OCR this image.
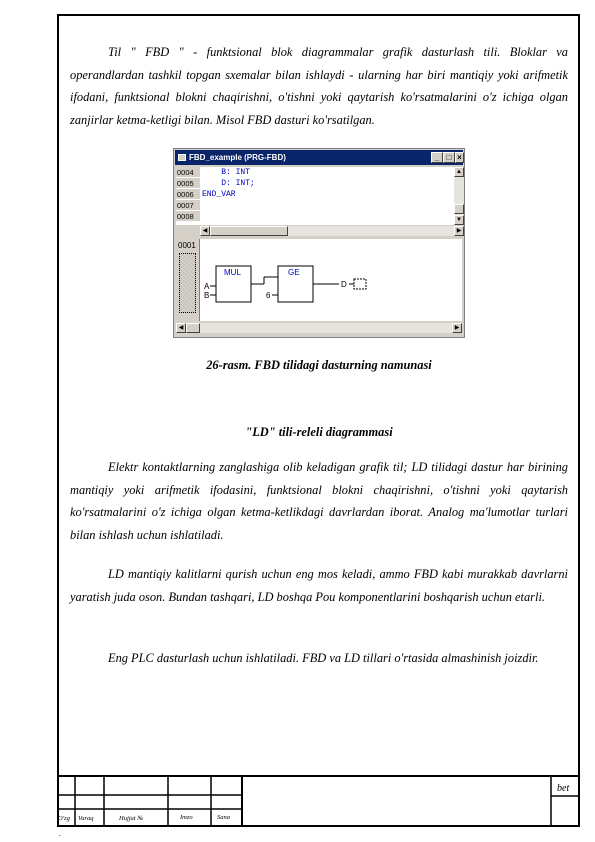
Til " FBD " - funktsional blok diagrammalar grafik dasturlash tili. Bloklar va operandlardan tashkil topgan sxemalar bilan ishlaydi - ularning har biri mantiqiy yoki arifmetik ifodani, funktsional blokni chaqirishni, o'tishni yoki qaytarish ko'rsatmalarini o'z ichiga olgan zanjirlar ketma-ketligi bilan. Misol FBD dasturi ko'rsatilgan.

FBD_example (PRG-FBD)	_ □ ×
0004
0005
0006
0007
0008
B: INT
D: INT;
END_VAR
▲
▼
◀	▶
0001
MUL	GE
A
B	6
D
◀	▶

26-rasm. FBD tilidagi dasturning namunasi

"LD" tili-releli diagrammasi

Elektr kontaktlarning zanglashiga olib keladigan grafik til; LD tilidagi dastur har birining mantiqiy yoki arifmetik ifodasini, funktsional blokni chaqirishni, o'tishni yoki qaytarish ko'rsatmalarini o'z ichiga olgan ketma-ketlikdagi davrlardan iborat. Analog ma'lumotlar turlari bilan ishlash uchun ishlatiladi.

LD mantiqiy kalitlarni qurish uchun eng mos keladi, ammo FBD kabi murakkab davrlarni yaratish juda oson. Bundan tashqari, LD boshqa Pou komponentlarini boshqarish uchun etarli.

Eng PLC dasturlash uchun ishlatiladi. FBD va LD tillari o'rtasida almashinish joizdir.

O'zg Varaq	Hujjat №	Imzo	Sana
bet
.
